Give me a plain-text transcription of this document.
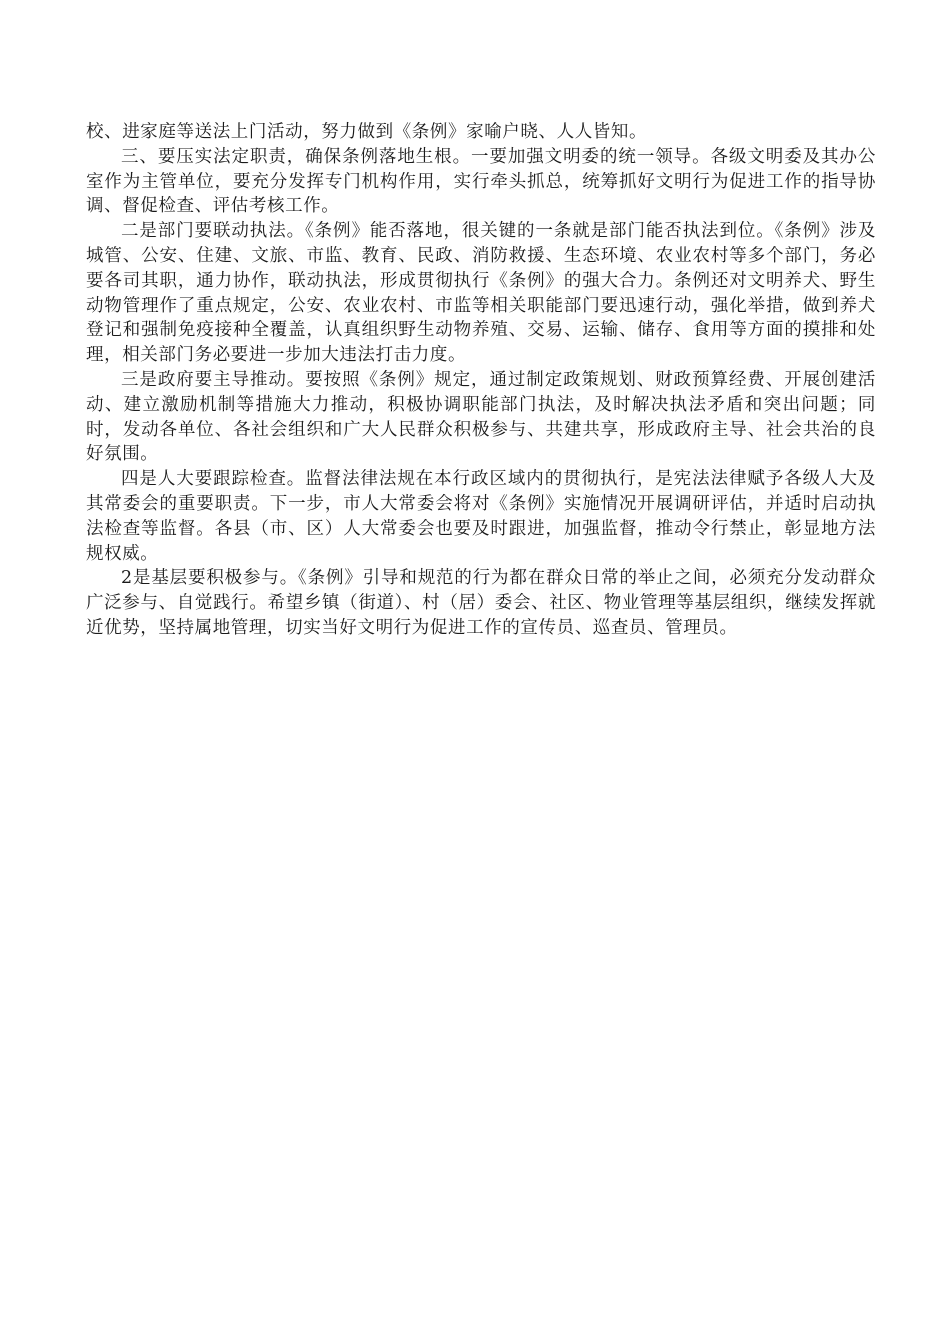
校、进家庭等送法上门活动，努力做到《条例》家喻户晓、人人皆知。

三、要压实法定职责，确保条例落地生根。一要加强文明委的统一领导。各级文明委及其办公室作为主管单位，要充分发挥专门机构作用，实行牵头抓总，统筹抓好文明行为促进工作的指导协调、督促检查、评估考核工作。

二是部门要联动执法。《条例》能否落地，很关键的一条就是部门能否执法到位。《条例》涉及城管、公安、住建、文旅、市监、教育、民政、消防救援、生态环境、农业农村等多个部门，务必要各司其职，通力协作，联动执法，形成贯彻执行《条例》的强大合力。条例还对文明养犬、野生动物管理作了重点规定，公安、农业农村、市监等相关职能部门要迅速行动，强化举措，做到养犬登记和强制免疫接种全覆盖，认真组织野生动物养殖、交易、运输、储存、食用等方面的摸排和处理，相关部门务必要进一步加大违法打击力度。

三是政府要主导推动。要按照《条例》规定，通过制定政策规划、财政预算经费、开展创建活动、建立激励机制等措施大力推动，积极协调职能部门执法，及时解决执法矛盾和突出问题；同时，发动各单位、各社会组织和广大人民群众积极参与、共建共享，形成政府主导、社会共治的良好氛围。

四是人大要跟踪检查。监督法律法规在本行政区域内的贯彻执行，是宪法法律赋予各级人大及其常委会的重要职责。下一步，市人大常委会将对《条例》实施情况开展调研评估，并适时启动执法检查等监督。各县（市、区）人大常委会也要及时跟进，加强监督，推动令行禁止，彰显地方法规权威。

2是基层要积极参与。《条例》引导和规范的行为都在群众日常的举止之间，必须充分发动群众广泛参与、自觉践行。希望乡镇（街道）、村（居）委会、社区、物业管理等基层组织，继续发挥就近优势，坚持属地管理，切实当好文明行为促进工作的宣传员、巡查员、管理员。
